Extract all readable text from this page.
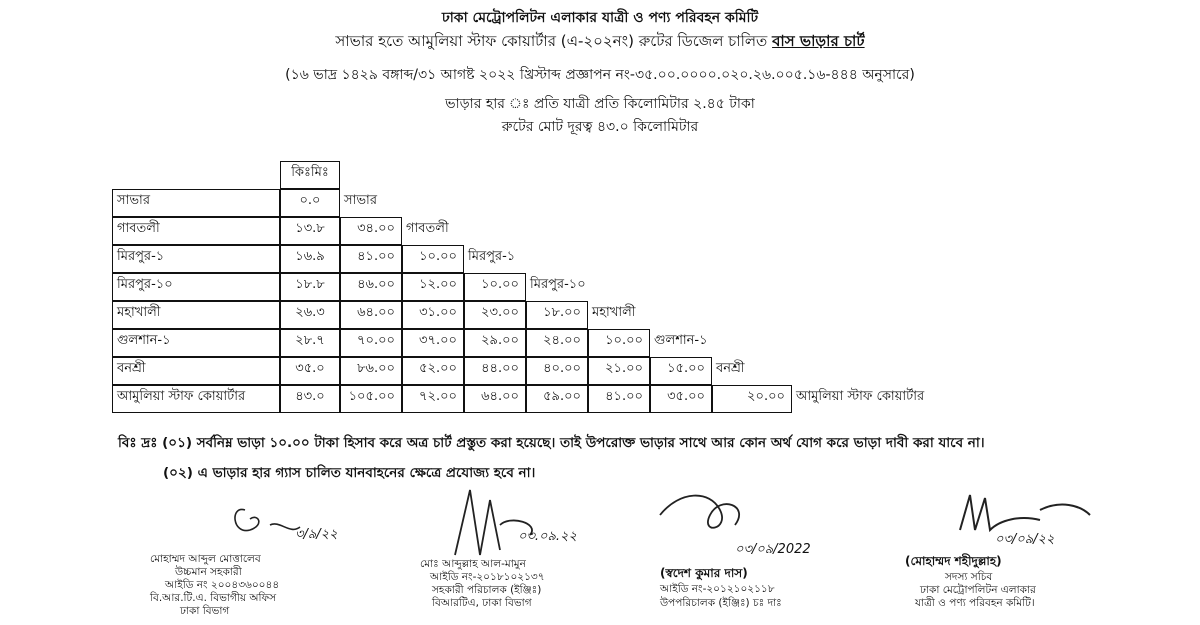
ঢাকা মেট্রোপলিটন এলাকার যাত্রী ও পণ্য পরিবহন কমিটি
সাভার হতে আমুলিয়া স্টাফ কোয়ার্টার (এ-২০২নং) রুটের ডিজেল চালিত বাস ভাড়ার চার্ট
(১৬ ভাদ্র ১৪২৯ বঙ্গাব্দ/৩১ আগষ্ট ২০২২ খ্রিস্টাব্দ প্রজ্ঞাপন নং-৩৫.০০.০০০০.০২০.২৬.০০৫.১৬-৪৪৪ অনুসারে)
ভাড়ার হার ঃ প্রতি যাত্রী প্রতি কিলোমিটার ২.৪৫ টাকা
রুটের মোট দূরত্ব ৪৩.০ কিলোমিটার
কিঃমিঃ
সাভার	০.০	সাভার
গাবতলী	১৩.৮	৩৪.০০ গাবতলী
মিরপুর-১	১৬.৯	৪১.০০	১০.০০ মিরপুর-১
মিরপুর-১০	১৮.৮	৪৬.০০	১২.০০	১০.০০ মিরপুর-১০
মহাখালী	২৬.৩	৬৪.০০	৩১.০০	২৩.০০	১৮.০০ মহাখালী
গুলশান-১	২৮.৭	৭০.০০	৩৭.০০	২৯.০০	২৪.০০	১০.০০ গুলশান-১
বনশ্রী	৩৫.০	৮৬.০০	৫২.০০	৪৪.০০	৪০.০০	২১.০০	১৫.০০ বনশ্রী
আমুলিয়া স্টাফ কোয়ার্টার	৪৩.০	১০৫.০০	৭২.০০	৬৪.০০	৫৯.০০	৪১.০০	৩৫.০০	২০.০০ আমুলিয়া স্টাফ কোয়ার্টার
বিঃ দ্রঃ (০১) সর্বনিম্ন ভাড়া ১০.০০ টাকা হিসাব করে অত্র চার্ট প্রস্তুত করা হয়েছে। তাই উপরোক্ত ভাড়ার সাথে আর কোন অর্থ যোগ করে ভাড়া দাবী করা যাবে না।
(০২) এ ভাড়ার হার গ্যাস চালিত যানবাহনের ক্ষেত্রে প্রযোজ্য হবে না।
৩/৯/২২
মোহাম্মদ আব্দুল মোত্তালেব
উচ্চমান সহকারী
আইডি নং ২০০৪৩৬০০৪৪
বি.আর.টি.এ. বিভাগীয় অফিস
ঢাকা বিভাগ
০৩.০৯.২২
মোঃ আব্দুল্লাহ আল-মামুন
আইডি নং-২০১৮১০২১৩৭
সহকারী পরিচালক (ইঞ্জিঃ)
বিআরটিএ, ঢাকা বিভাগ
০৩/০৯/2022
(স্বদেশ কুমার দাস)
আইডি নং-২০১২১০২১১৮
উপপরিচালক (ইঞ্জিঃ) চঃ দাঃ
০৩/০৯/২২
(মোহাম্মদ শহীদুল্লাহ)
সদস্য সচিব
ঢাকা মেট্রোপলিটন এলাকার
যাত্রী ও পণ্য পরিবহন কমিটি।
